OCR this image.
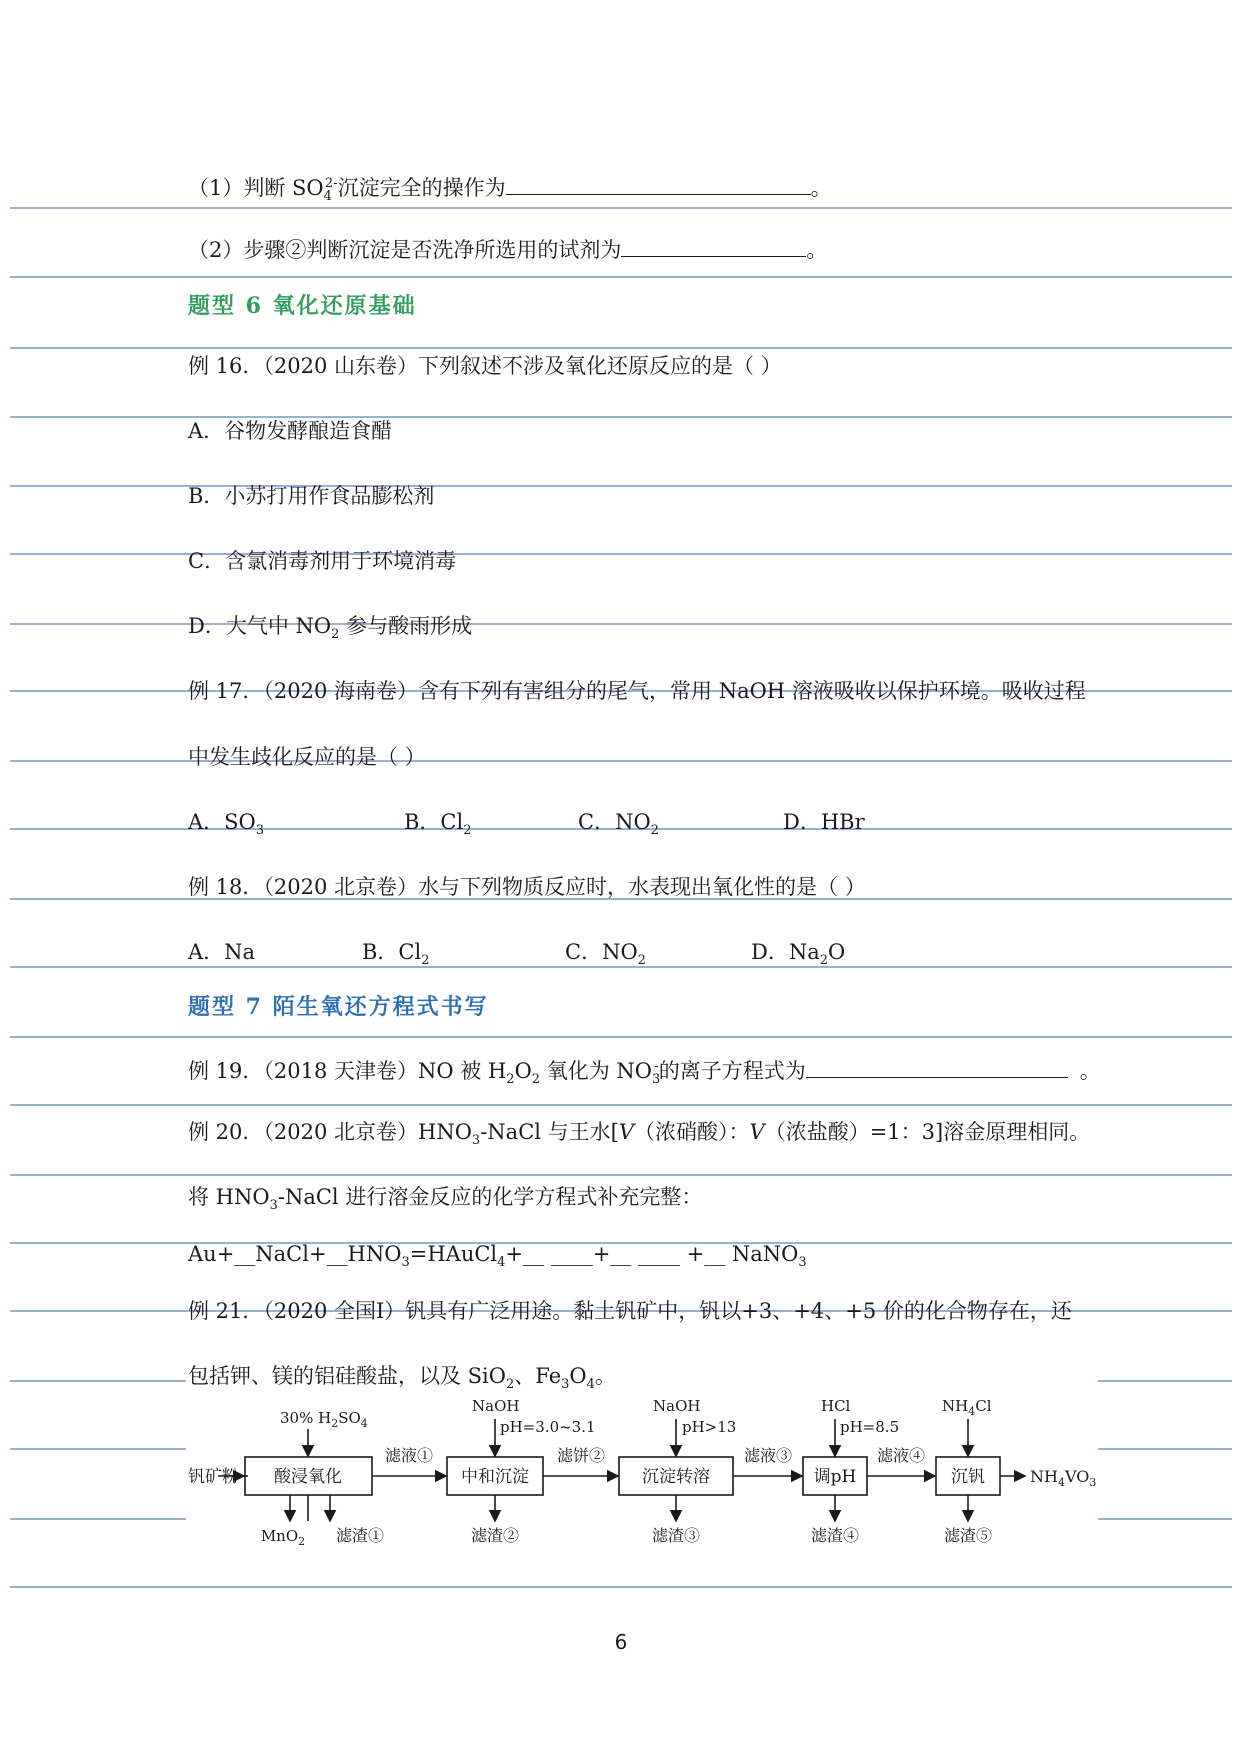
（1）判断 $SO_4^{2-}$沉淀完全的操作为	。
（2）步骤②判断沉淀是否洗净所选用的试剂为	。
题型 6 氧化还原基础
例 16．（2020 山东卷）下列叙述不涉及氧化还原反应的是（ ）
A．谷物发酵酿造食醋
B．小苏打用作食品膨松剂
C．含氯消毒剂用于环境消毒
D．大气中 $NO_2$ 参与酸雨形成
例 17．（2020 海南卷）含有下列有害组分的尾气，常用 NaOH 溶液吸收以保护环境。吸收过程
中发生歧化反应的是（ ）
A．$SO_3$	B．$Cl_2$	C．$NO_2$	D．HBr
例 18．（2020 北京卷）水与下列物质反应时，水表现出氧化性的是（ ）
A．Na	B．$Cl_2$	C．$NO_2$	D．$Na_2O$
题型 7 陌生氧还方程式书写
例 19．（2018 天津卷）NO 被 $H_2O_2$ 氧化为 $NO_3^-$的离子方程式为	。
例 20．（2020 北京卷）$HNO_3$-NaCl 与王水[V（浓硝酸）：V（浓盐酸）=1：3]溶金原理相同。
将 $HNO_3$-NaCl 进行溶金反应的化学方程式补充完整：
$Au+\_\_NaCl+\_\_HNO_3=HAuCl_4+\_\_$ ____+__ ____ +__ NaNO$_3$
例 21．（2020 全国Ⅰ）钒具有广泛用途。黏土钒矿中，钒以+3、+4、+5 价的化合物存在，还
包括钾、镁的铝硅酸盐，以及 SiO$_2$、$Fe_3O_4$。
钒矿粉 酸浸氧化	中和沉淀	沉淀转溶	调pH	沉钒
30% $H_2SO_4$
NaOH
pH=3.0~3.1
NaOH
pH>13
HCl
pH=8.5
$NH_4Cl$
滤液①	滤饼②	滤液③	滤液④
MnO$_2$ 滤渣①	滤渣②	滤渣③	滤渣④	滤渣⑤
$NH_4VO_3$
6
